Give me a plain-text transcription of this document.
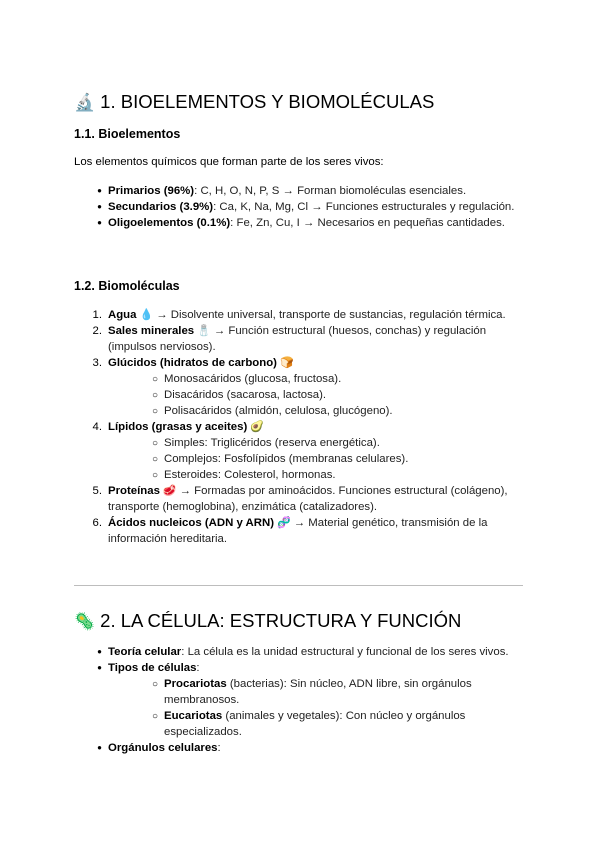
🔬 1. BIOELEMENTOS Y BIOMOLÉCULAS
1.1. Bioelementos
Los elementos químicos que forman parte de los seres vivos:
●
Primarios (96%): C, H, O, N, P, S → Forman biomoléculas esenciales.
●
Secundarios (3.9%): Ca, K, Na, Mg, Cl → Funciones estructurales y regulación.
●
Oligoelementos (0.1%): Fe, Zn, Cu, I → Necesarios en pequeñas cantidades.
1.2. Biomoléculas
1. Agua 💧 → Disolvente universal, transporte de sustancias, regulación térmica.
2. Sales minerales 🧂 → Función estructural (huesos, conchas) y regulación (impulsos nerviosos).
3. Glúcidos (hidratos de carbono) 🍞
○
Monosacáridos (glucosa, fructosa).
○
Disacáridos (sacarosa, lactosa).
○
Polisacáridos (almidón, celulosa, glucógeno).
4. Lípidos (grasas y aceites) 🥑
○
Simples: Triglicéridos (reserva energética).
○
Complejos: Fosfolípidos (membranas celulares).
○
Esteroides: Colesterol, hormonas.
5. Proteínas 🥩 → Formadas por aminoácidos. Funciones estructural (colágeno), transporte (hemoglobina), enzimática (catalizadores).
6. Ácidos nucleicos (ADN y ARN) 🧬 → Material genético, transmisión de la información hereditaria.
🦠 2. LA CÉLULA: ESTRUCTURA Y FUNCIÓN
●
Teoría celular: La célula es la unidad estructural y funcional de los seres vivos.
●
Tipos de células:
○
Procariotas (bacterias): Sin núcleo, ADN libre, sin orgánulos membranosos.
○
Eucariotas (animales y vegetales): Con núcleo y orgánulos especializados.
●
Orgánulos celulares:
